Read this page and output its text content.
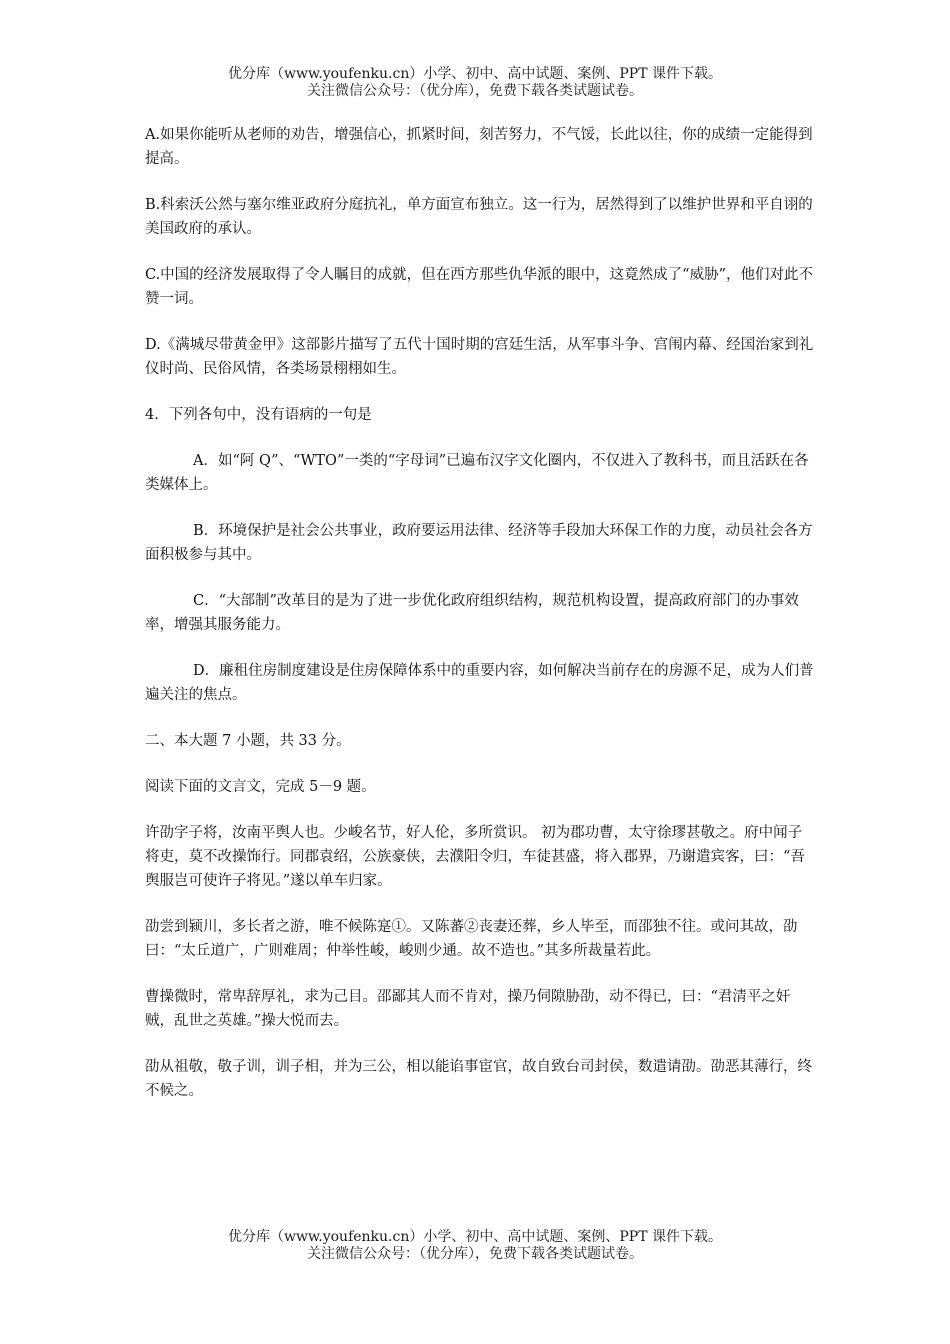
优分库（www.youfenku.cn）小学、初中、高中试题、案例、PPT 课件下载。
关注微信公众号：（优分库），免费下载各类试题试卷。

A.如果你能听从老师的劝告，增强信心，抓紧时间，刻苦努力，不气馁，长此以往，你的成绩一定能得到提高。

B.科索沃公然与塞尔维亚政府分庭抗礼，单方面宣布独立。这一行为，居然得到了以维护世界和平自诩的美国政府的承认。

C.中国的经济发展取得了令人瞩目的成就，但在西方那些仇华派的眼中，这竟然成了“威胁”，他们对此不赞一词。

D.《满城尽带黄金甲》这部影片描写了五代十国时期的宫廷生活，从军事斗争、宫闱内幕、经国治家到礼仪时尚、民俗风情，各类场景栩栩如生。

4．下列各句中，没有语病的一句是

A．如“阿 Q”、“WTO”一类的“字母词”已遍布汉字文化圈内，不仅进入了教科书，而且活跃在各类媒体上。

B．环境保护是社会公共事业，政府要运用法律、经济等手段加大环保工作的力度，动员社会各方面积极参与其中。

C．“大部制”改革目的是为了进一步优化政府组织结构，规范机构设置，提高政府部门的办事效率，增强其服务能力。

D．廉租住房制度建设是住房保障体系中的重要内容，如何解决当前存在的房源不足，成为人们普遍关注的焦点。

二、本大题 7 小题，共 33 分。

阅读下面的文言文，完成 5－9 题。

许劭字子将，汝南平舆人也。少峻名节，好人伦，多所赏识。 初为郡功曹，太守徐璆甚敬之。府中闻子将吏，莫不改操饰行。同郡袁绍，公族豪侠，去濮阳令归，车徒甚盛，将入郡界，乃谢遣宾客，曰：“吾舆服岂可使许子将见。”遂以单车归家。

劭尝到颍川，多长者之游，唯不候陈寔①。又陈蕃②丧妻还葬，乡人毕至，而邵独不往。或问其故，劭曰：“太丘道广，广则难周；仲举性峻，峻则少通。故不造也。”其多所裁量若此。

曹操微时，常卑辞厚礼，求为己目。邵鄙其人而不肯对，操乃伺隙胁劭，动不得已，曰：“君清平之奸贼，乱世之英雄。”操大悦而去。

劭从祖敬，敬子训，训子相，并为三公，相以能谄事宦官，故自致台司封侯，数遣请劭。劭恶其薄行，终不候之。

优分库（www.youfenku.cn）小学、初中、高中试题、案例、PPT 课件下载。
关注微信公众号：（优分库），免费下载各类试题试卷。
